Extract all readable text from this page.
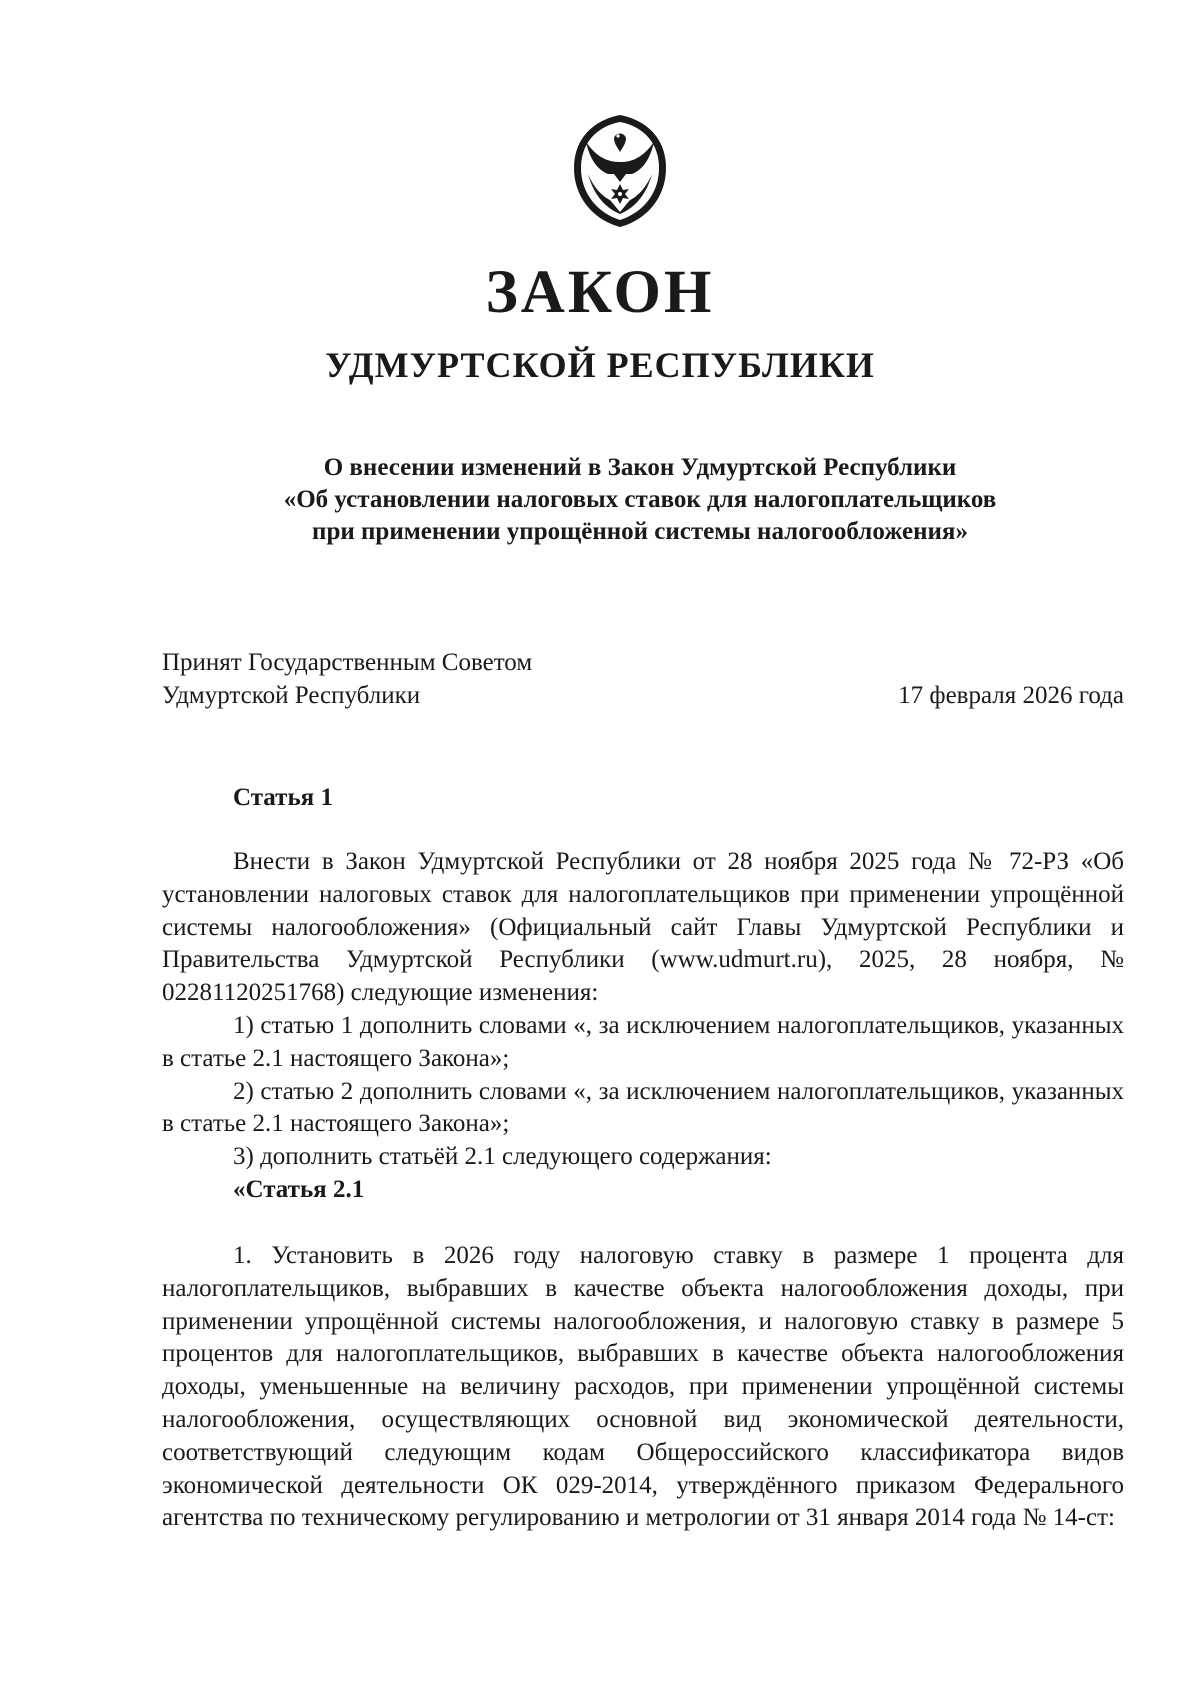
ЗАКОН
УДМУРТСКОЙ РЕСПУБЛИКИ
О внесении изменений в Закон Удмуртской Республики
«Об установлении налоговых ставок для налогоплательщиков
при применении упрощённой системы налогообложения»
Принят Государственным Советом
Удмуртской Республики	17 февраля 2026 года
Статья 1

Внести в Закон Удмуртской Республики от 28 ноября 2025 года № 72-РЗ «Об установлении налоговых ставок для налогоплательщиков при применении упрощённой системы налогообложения» (Официальный сайт Главы Удмуртской Республики и Правительства Удмуртской Республики (www.udmurt.ru), 2025, 28 ноября, № 02281120251768) следующие изменения:

1) статью 1 дополнить словами «, за исключением налогоплательщиков, указанных в статье 2.1 настоящего Закона»;

2) статью 2 дополнить словами «, за исключением налогоплательщиков, указанных в статье 2.1 настоящего Закона»;

3) дополнить статьёй 2.1 следующего содержания:

«Статья 2.1

1. Установить в 2026 году налоговую ставку в размере 1 процента для налогоплательщиков, выбравших в качестве объекта налогообложения доходы, при применении упрощённой системы налогообложения, и налоговую ставку в размере 5 процентов для налогоплательщиков, выбравших в качестве объекта налогообложения доходы, уменьшенные на величину расходов, при применении упрощённой системы налогообложения, осуществляющих основной вид экономической деятельности, соответствующий следующим кодам Общероссийского классификатора видов экономической деятельности ОК 029-2014, утверждённого приказом Федерального агентства по техническому регулированию и метрологии от 31 января 2014 года № 14-ст:
